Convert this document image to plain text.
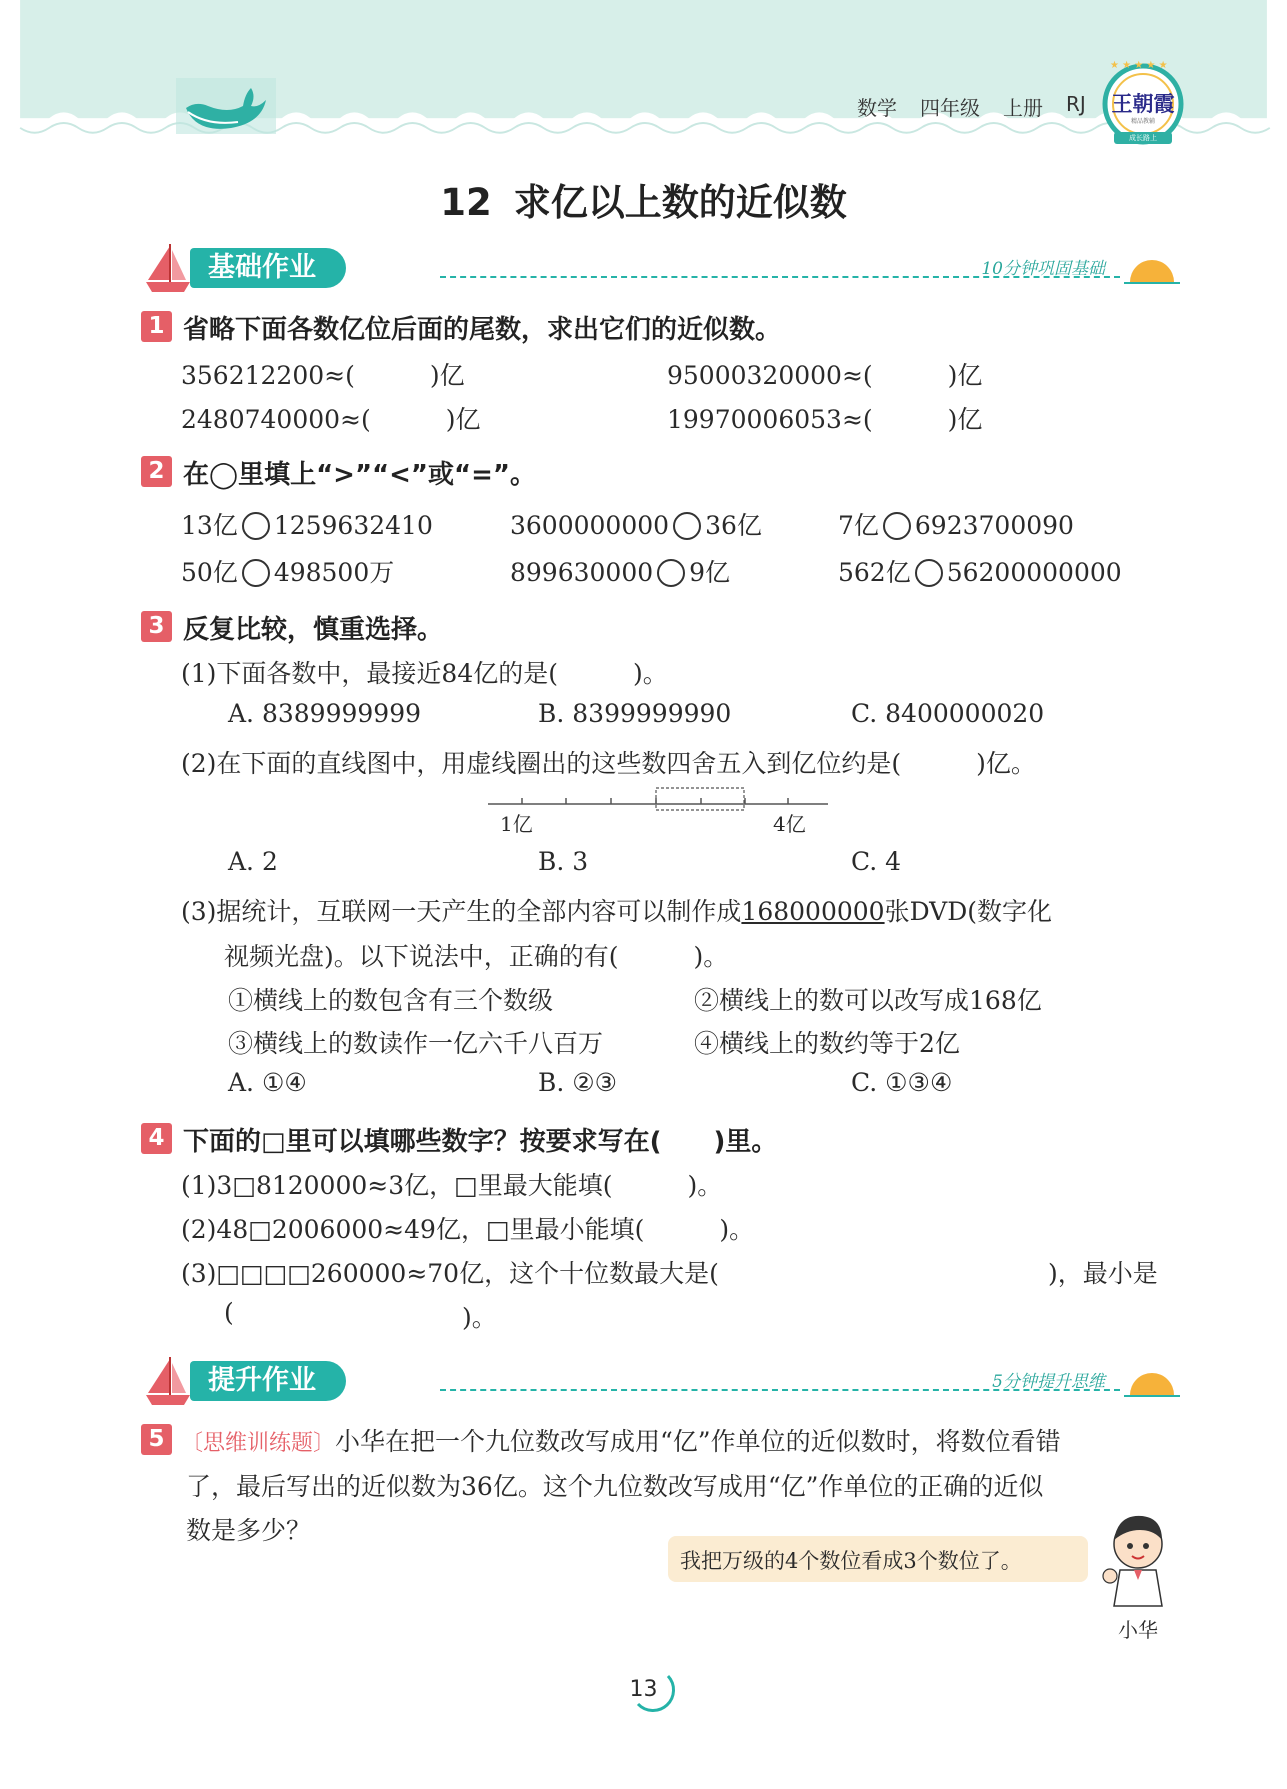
数学 四年级 上册 RJ
★ ★ ★ ★ ★
王朝霞
精品教辅
成长路上
12 求亿以上数的近似数
基础作业	10分钟巩固基础
1 省略下面各数亿位后面的尾数，求出它们的近似数。
356212200≈(　　　)亿	95000320000≈(　　　)亿
2480740000≈(　　　)亿	19970006053≈(　　　)亿
2 在◯里填上“>”“<”或“=”。
13亿 1259632410	3600000000 36亿	7亿 6923700090
50亿 498500万	899630000 9亿	562亿 56200000000
3 反复比较，慎重选择。
(1)下面各数中，最接近84亿的是(　　　)。
A. 8389999999	B. 8399999990	C. 8400000020
(2)在下面的直线图中，用虚线圈出的这些数四舍五入到亿位约是(　　　)亿。
1亿	4亿
A. 2	B. 3	C. 4
(3)据统计，互联网一天产生的全部内容可以制作成168000000张DVD(数字化
视频光盘)。以下说法中，正确的有(　　　)。
①横线上的数包含有三个数级	②横线上的数可以改写成168亿
③横线上的数读作一亿六千八百万	④横线上的数约等于2亿
A. ①④	B. ②③	C. ①③④
4 下面的□里可以填哪些数字？按要求写在(　　)里。
(1)3□8120000≈3亿，□里最大能填(　　　)。
(2)48□2006000≈49亿，□里最小能填(　　　)。
(3)□□□□260000≈70亿，这个十位数最大是(	)，最小是
(	)。
提升作业	5分钟提升思维
5 〔思维训练题〕小华在把一个九位数改写成用“亿”作单位的近似数时，将数位看错
了，最后写出的近似数为36亿。这个九位数改写成用“亿”作单位的正确的近似
数是多少？
我把万级的4个数位看成3个数位了。
小华
13
